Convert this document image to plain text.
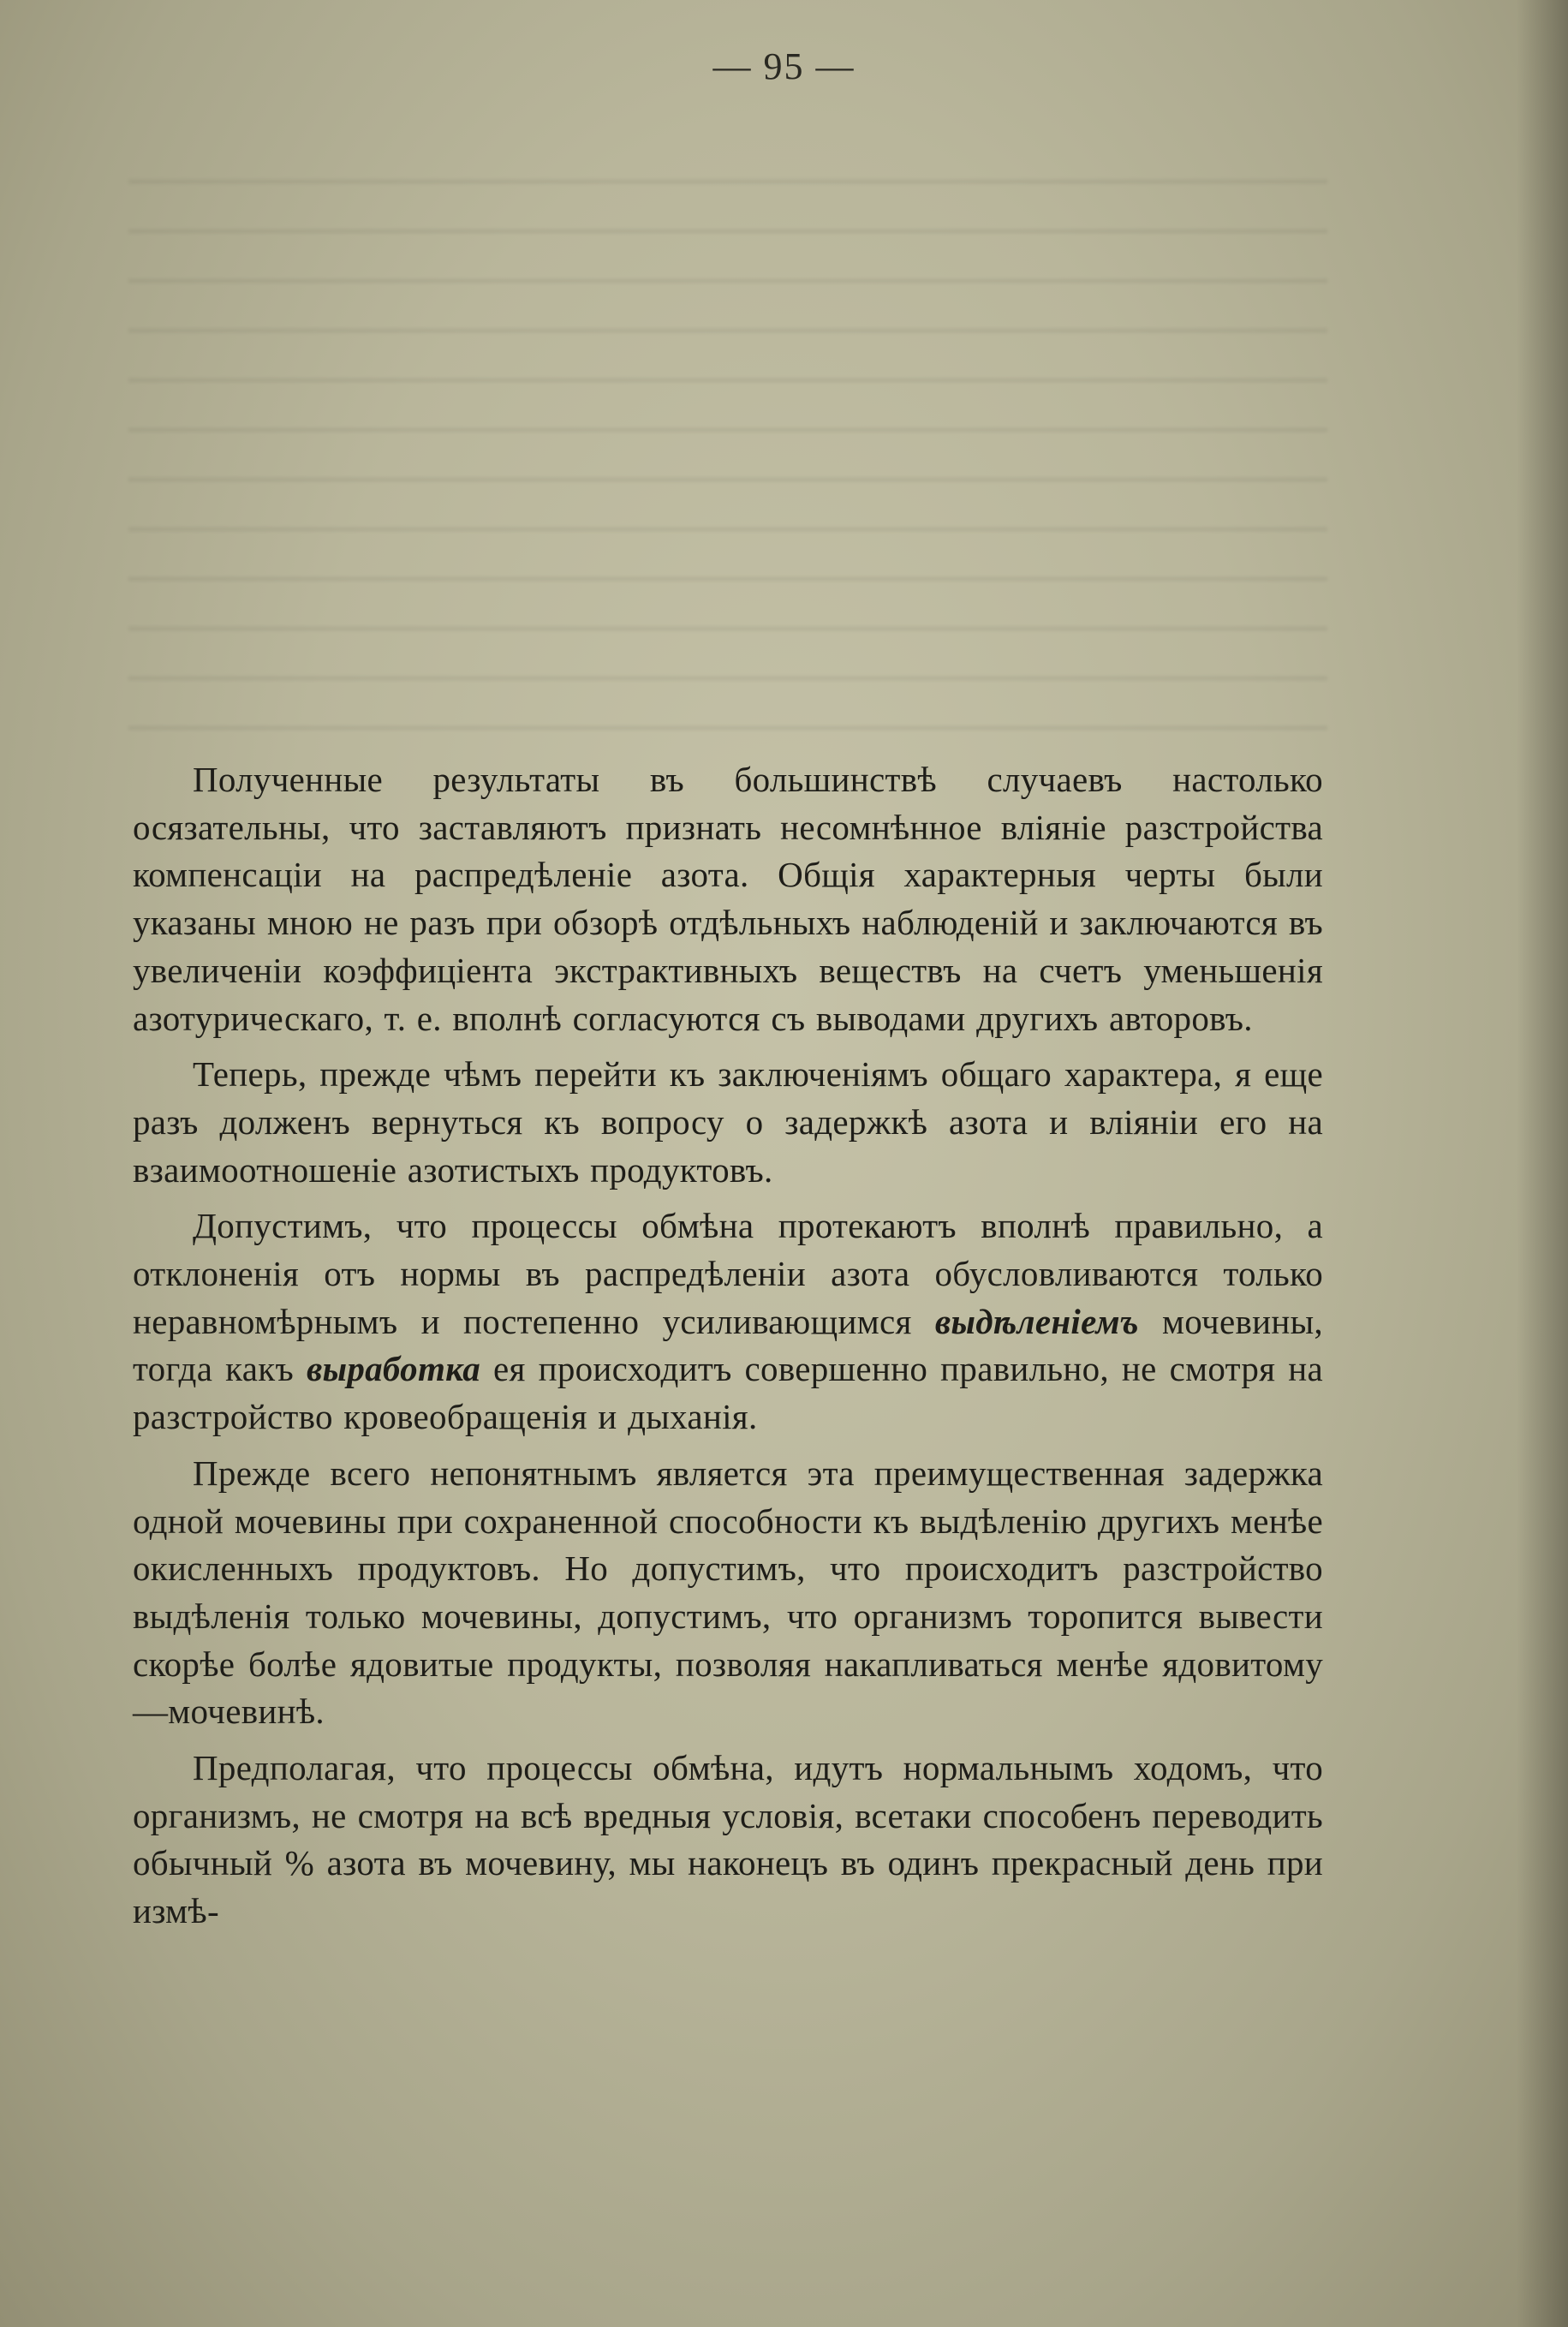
— 95 —

Полученные результаты въ большинствѣ случаевъ настолько осязательны, что заставляютъ признать несомнѣнное вліяніе разстройства компенсаціи на распредѣленіе азота. Общія характерныя черты были указаны мною не разъ при обзорѣ отдѣльныхъ наблюденій и заключаются въ увеличеніи коэффиціента экстрактивныхъ веществъ на счетъ уменьшенія азотурическаго, т. е. вполнѣ согласуются съ выводами другихъ авторовъ.

Теперь, прежде чѣмъ перейти къ заключеніямъ общаго характера, я еще разъ долженъ вернуться къ вопросу о задержкѣ азота и вліяніи его на взаимоотношеніе азотистыхъ продуктовъ.

Допустимъ, что процессы обмѣна протекаютъ вполнѣ правильно, а отклоненія отъ нормы въ распредѣленіи азота обусловливаются только неравномѣрнымъ и постепенно усиливающимся выдѣленіемъ мочевины, тогда какъ выработка ея происходитъ совершенно правильно, не смотря на разстройство кровеобращенія и дыханія.

Прежде всего непонятнымъ является эта преимущественная задержка одной мочевины при сохраненной способности къ выдѣленію другихъ менѣе окисленныхъ продуктовъ. Но допустимъ, что происходитъ разстройство выдѣленія только мочевины, допустимъ, что организмъ торопится вывести скорѣе болѣе ядовитые продукты, позволяя накапливаться менѣе ядовитому—мочевинѣ.

Предполагая, что процессы обмѣна, идутъ нормальнымъ ходомъ, что организмъ, не смотря на всѣ вредныя условія, всетаки способенъ переводить обычный % азота въ мочевину, мы наконецъ въ одинъ прекрасный день при измѣ-
